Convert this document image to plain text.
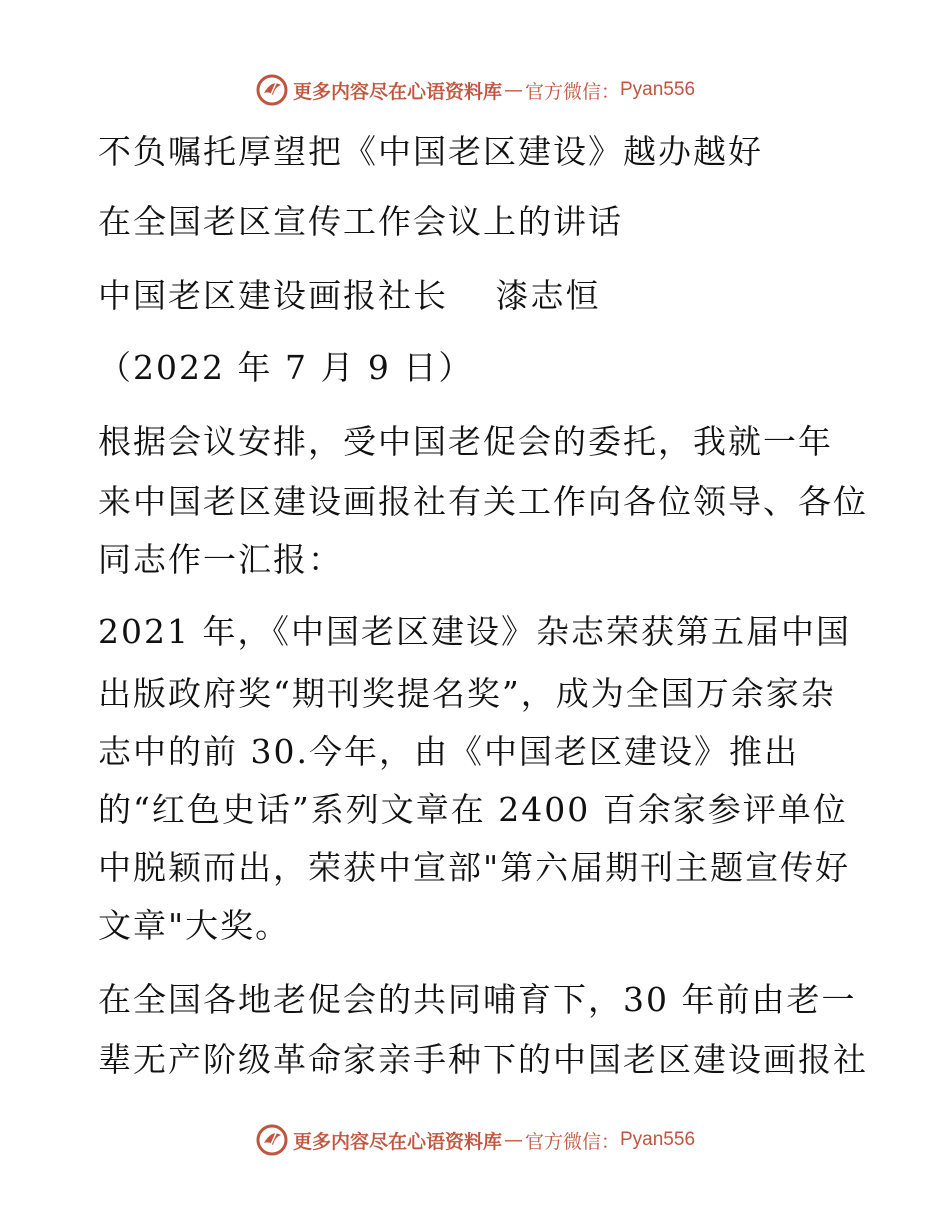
更多内容尽在心语资料库 — 官方微信： Pyan556
不负嘱托厚望把《中国老区建设》越办越好
在全国老区宣传工作会议上的讲话
中国老区建设画报社长　 漆志恒
（2022 年 7 月 9 日）
根据会议安排，受中国老促会的委托，我就一年
来中国老区建设画报社有关工作向各位领导、各位
同志作一汇报：
2021 年，《中国老区建设》杂志荣获第五届中国
出版政府奖“期刊奖提名奖”，成为全国万余家杂
志中的前 30.今年，由《中国老区建设》推出
的“红色史话”系列文章在 2400 百余家参评单位
中脱颖而出，荣获中宣部"第六届期刊主题宣传好
文章"大奖。
在全国各地老促会的共同哺育下，30 年前由老一
辈无产阶级革命家亲手种下的中国老区建设画报社
更多内容尽在心语资料库 — 官方微信： Pyan556
